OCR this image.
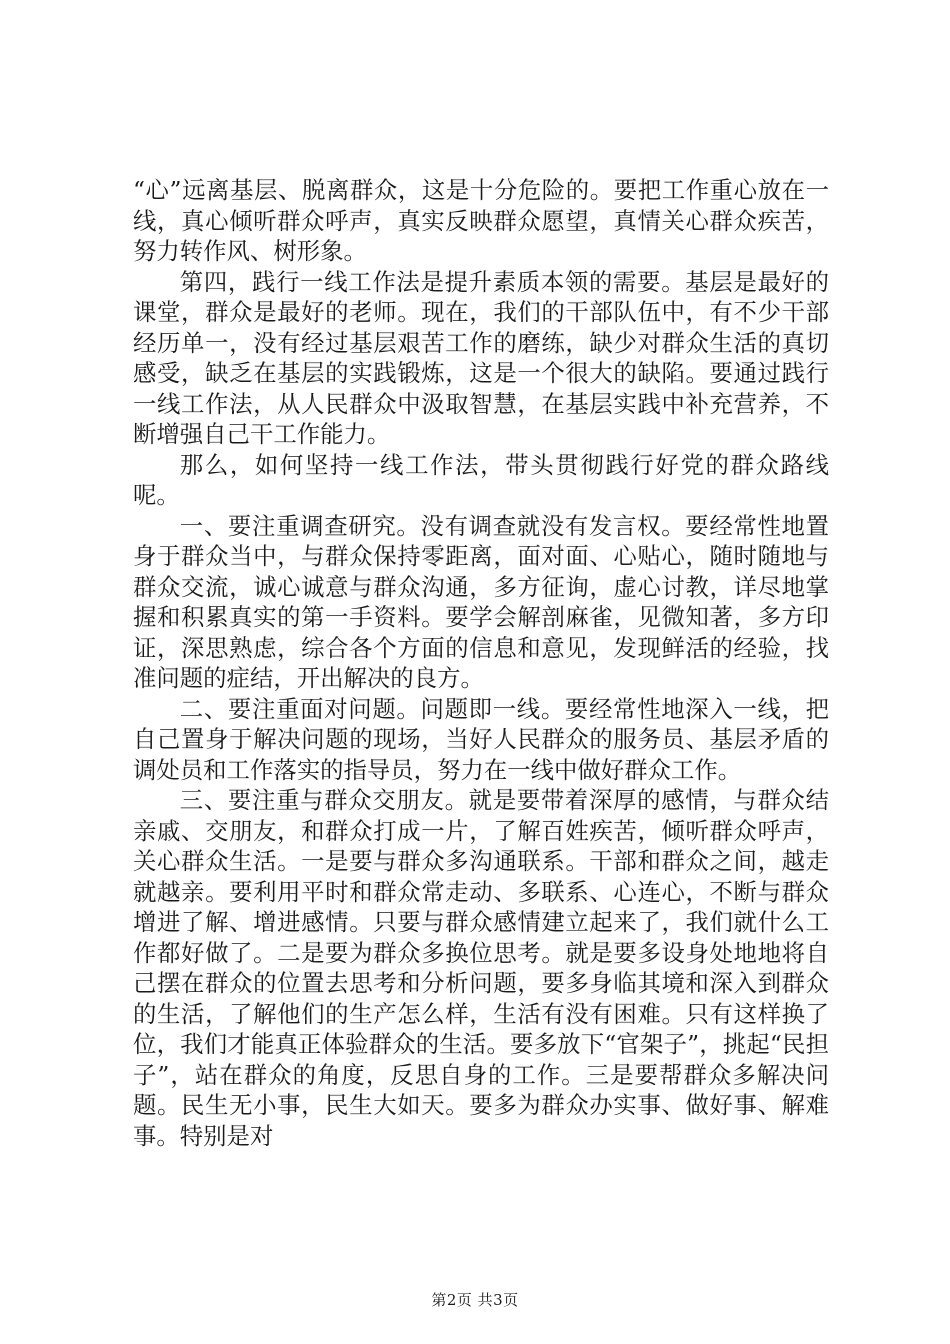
“心”远离基层、脱离群众，这是十分危险的。要把工作重心放在一线，真心倾听群众呼声，真实反映群众愿望，真情关心群众疾苦，努力转作风、树形象。

第四，践行一线工作法是提升素质本领的需要。基层是最好的课堂，群众是最好的老师。现在，我们的干部队伍中，有不少干部经历单一，没有经过基层艰苦工作的磨练，缺少对群众生活的真切感受，缺乏在基层的实践锻炼，这是一个很大的缺陷。要通过践行一线工作法，从人民群众中汲取智慧，在基层实践中补充营养，不断增强自己干工作能力。

那么，如何坚持一线工作法，带头贯彻践行好党的群众路线呢。

一、要注重调查研究。没有调查就没有发言权。要经常性地置身于群众当中，与群众保持零距离，面对面、心贴心，随时随地与群众交流，诚心诚意与群众沟通，多方征询，虚心讨教，详尽地掌握和积累真实的第一手资料。要学会解剖麻雀，见微知著，多方印证，深思熟虑，综合各个方面的信息和意见，发现鲜活的经验，找准问题的症结，开出解决的良方。

二、要注重面对问题。问题即一线。要经常性地深入一线，把自己置身于解决问题的现场，当好人民群众的服务员、基层矛盾的调处员和工作落实的指导员，努力在一线中做好群众工作。

三、要注重与群众交朋友。就是要带着深厚的感情，与群众结亲戚、交朋友，和群众打成一片，了解百姓疾苦，倾听群众呼声，关心群众生活。一是要与群众多沟通联系。干部和群众之间，越走就越亲。要利用平时和群众常走动、多联系、心连心，不断与群众增进了解、增进感情。只要与群众感情建立起来了，我们就什么工作都好做了。二是要为群众多换位思考。就是要多设身处地地将自己摆在群众的位置去思考和分析问题，要多身临其境和深入到群众的生活，了解他们的生产怎么样，生活有没有困难。只有这样换了位，我们才能真正体验群众的生活。要多放下“官架子”，挑起“民担子”，站在群众的角度，反思自身的工作。三是要帮群众多解决问题。民生无小事，民生大如天。要多为群众办实事、做好事、解难事。特别是对

第2页 共3页
